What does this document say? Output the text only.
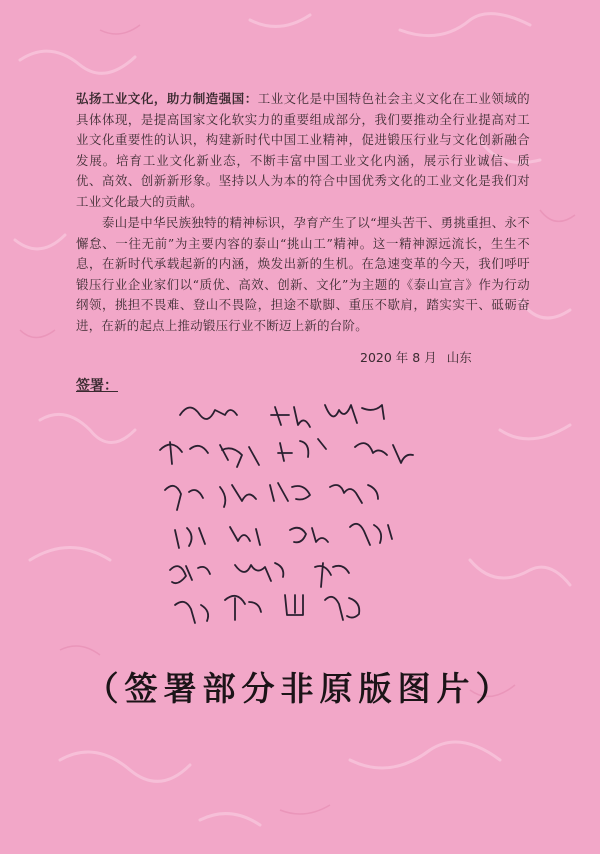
弘扬工业文化，助力制造强国：工业文化是中国特色社会主义文化在工业领域的具体体现，是提高国家文化软实力的重要组成部分，我们要推动全行业提高对工业文化重要性的认识，构建新时代中国工业精神，促进锻压行业与文化创新融合发展。培育工业文化新业态，不断丰富中国工业文化内涵，展示行业诚信、质优、高效、创新新形象。坚持以人为本的符合中国优秀文化的工业文化是我们对工业文化最大的贡献。

泰山是中华民族独特的精神标识，孕育产生了以“埋头苦干、勇挑重担、永不懈怠、一往无前”为主要内容的泰山“挑山工”精神。这一精神源远流长，生生不息，在新时代承载起新的内涵，焕发出新的生机。在急速变革的今天，我们呼吁锻压行业企业家们以“质优、高效、创新、文化”为主题的《泰山宣言》作为行动纲领，挑担不畏难、登山不畏险，担途不歇脚、重压不歇肩，踏实实干、砥砺奋进，在新的起点上推动锻压行业不断迈上新的台阶。

2020 年 8 月 山东
签署：
（签署部分非原版图片）
